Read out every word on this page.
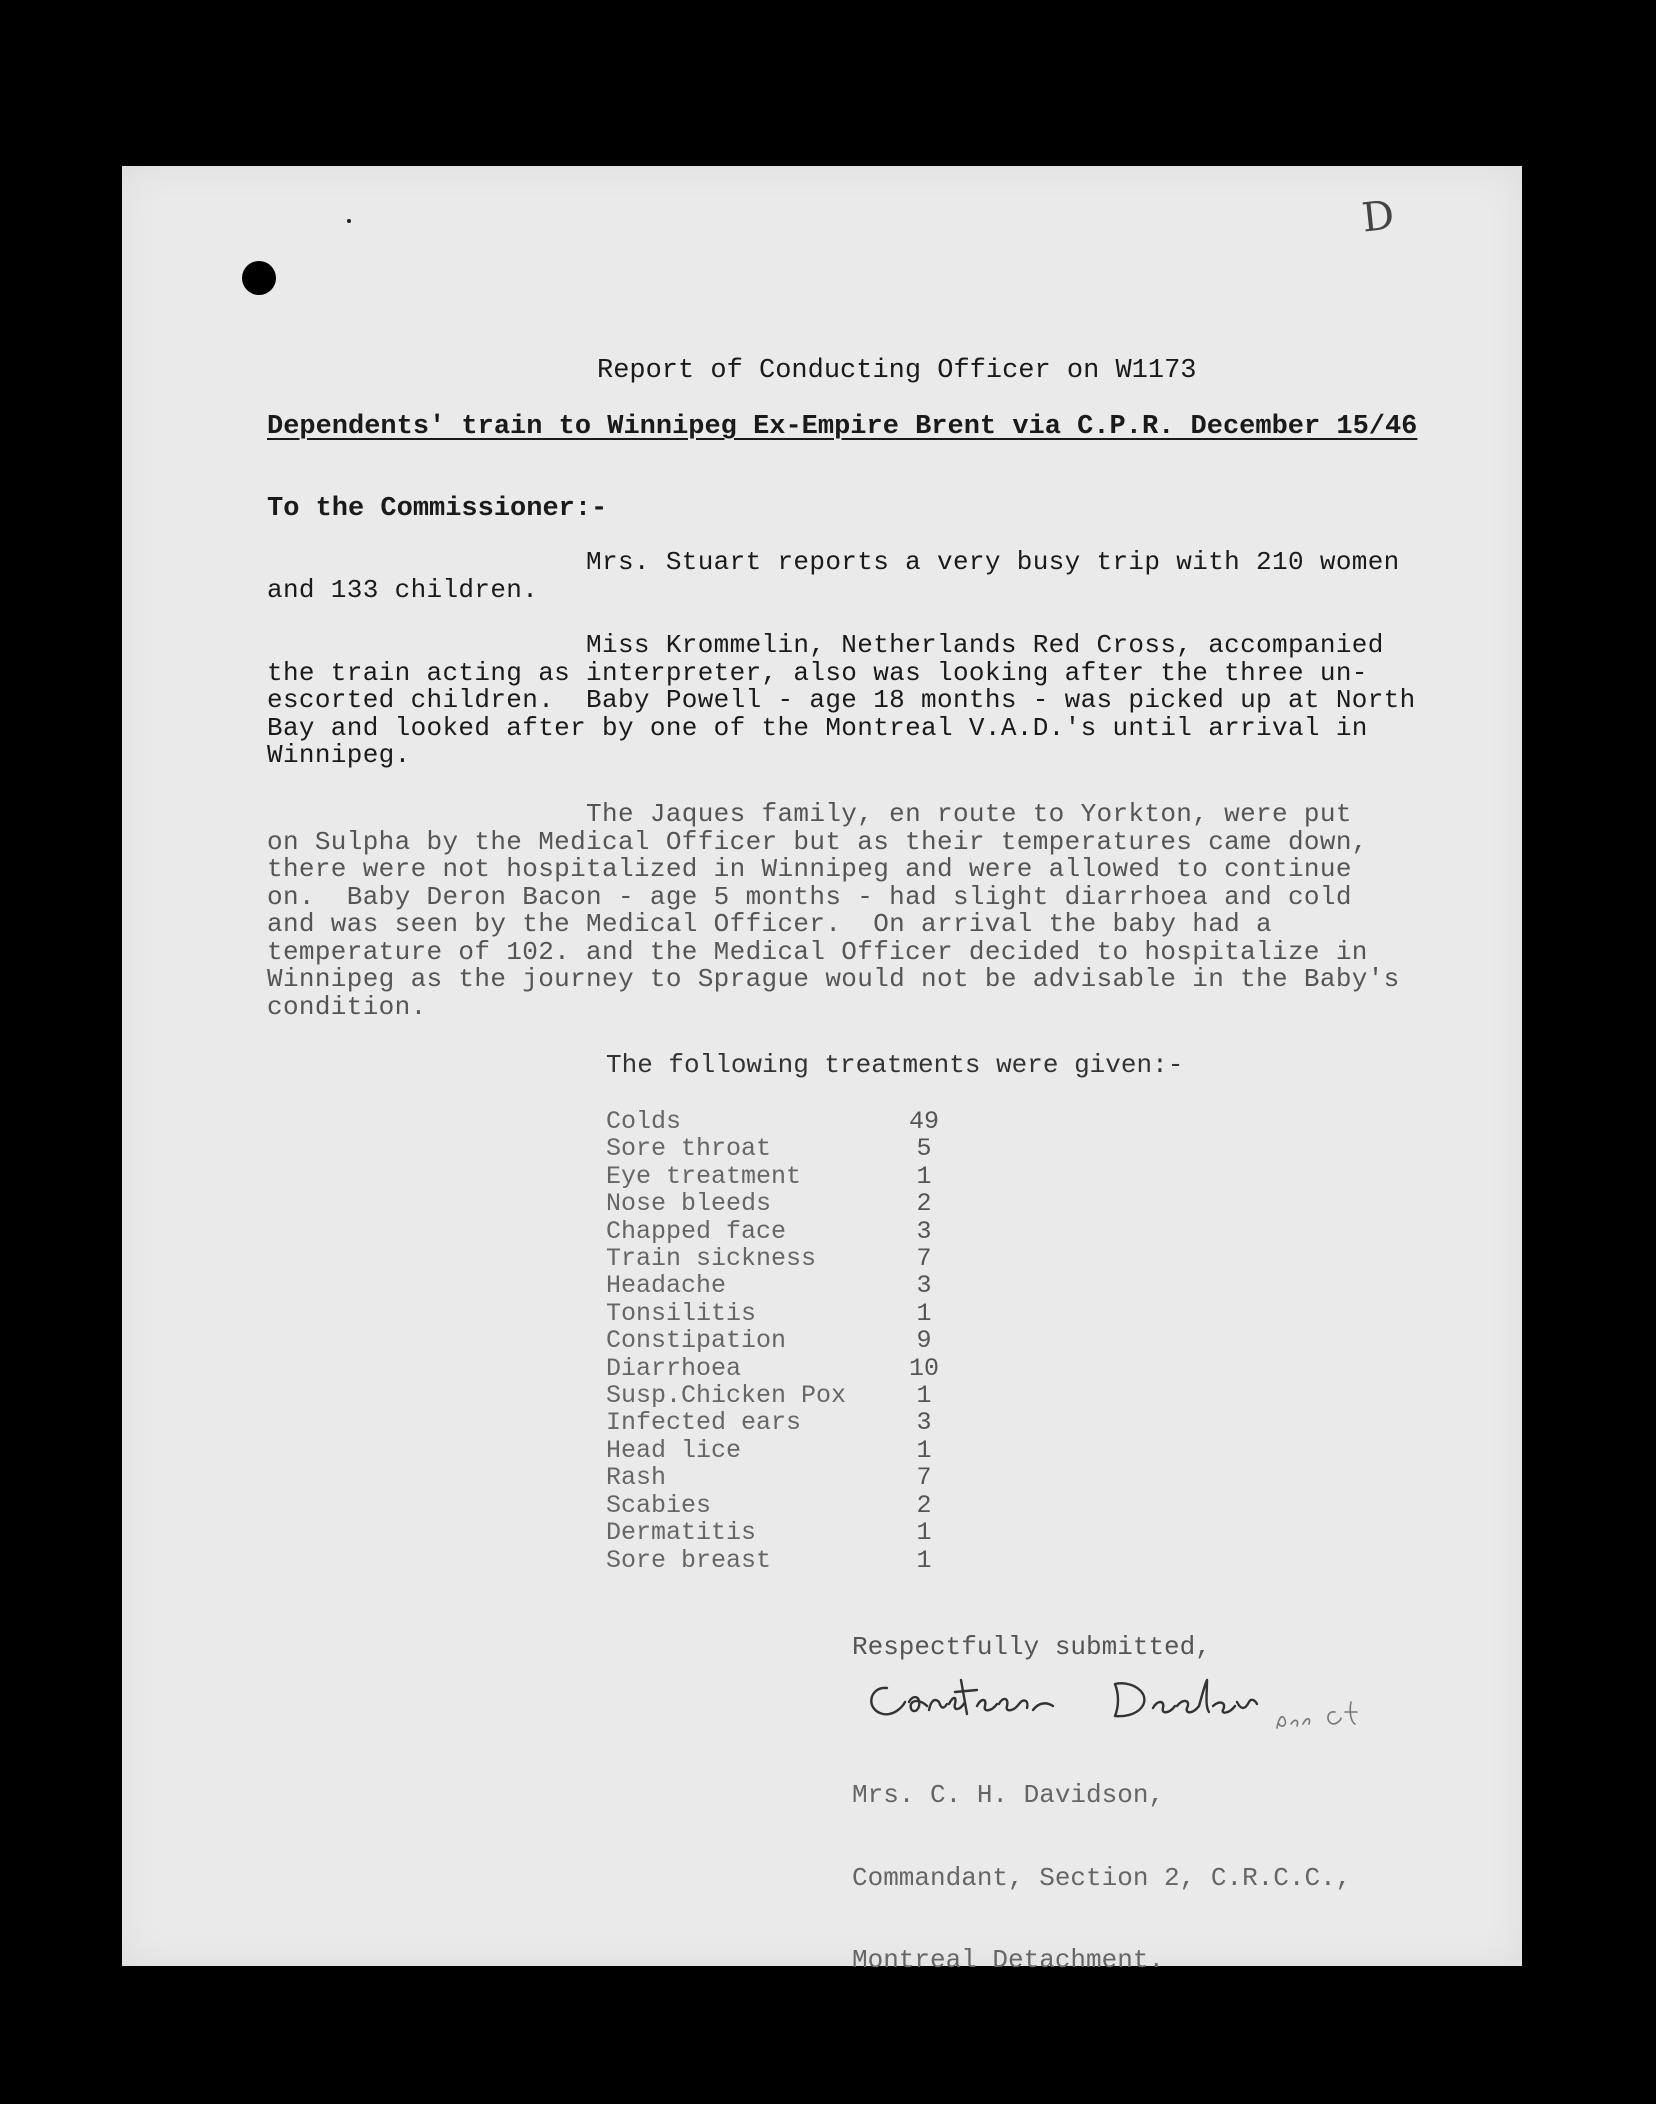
D
Report of Conducting Officer on W1173
Dependents' train to Winnipeg Ex-Empire Brent via C.P.R. December 15/46
To the Commissioner:-
Mrs. Stuart reports a very busy trip with 210 women
and 133 children.
Miss Krommelin, Netherlands Red Cross, accompanied
the train acting as interpreter, also was looking after the three un-
escorted children.  Baby Powell - age 18 months - was picked up at North
Bay and looked after by one of the Montreal V.A.D.'s until arrival in
Winnipeg.
The Jaques family, en route to Yorkton, were put
on Sulpha by the Medical Officer but as their temperatures came down,
there were not hospitalized in Winnipeg and were allowed to continue
on.  Baby Deron Bacon - age 5 months - had slight diarrhoea and cold
and was seen by the Medical Officer.  On arrival the baby had a
temperature of 102. and the Medical Officer decided to hospitalize in
Winnipeg as the journey to Sprague would not be advisable in the Baby's
condition.
The following treatments were given:-
Colds	49
Sore throat	5
Eye treatment	1
Nose bleeds	2
Chapped face	3
Train sickness	7
Headache	3
Tonsilitis	1
Constipation	9
Diarrhoea	10
Susp.Chicken Pox	1
Infected ears	3
Head lice	1
Rash	7
Scabies	2
Dermatitis	1
Sore breast	1
Respectfully submitted,

Mrs. C. H. Davidson,

Commandant, Section 2, C.R.C.C.,

Montreal Detachment.
